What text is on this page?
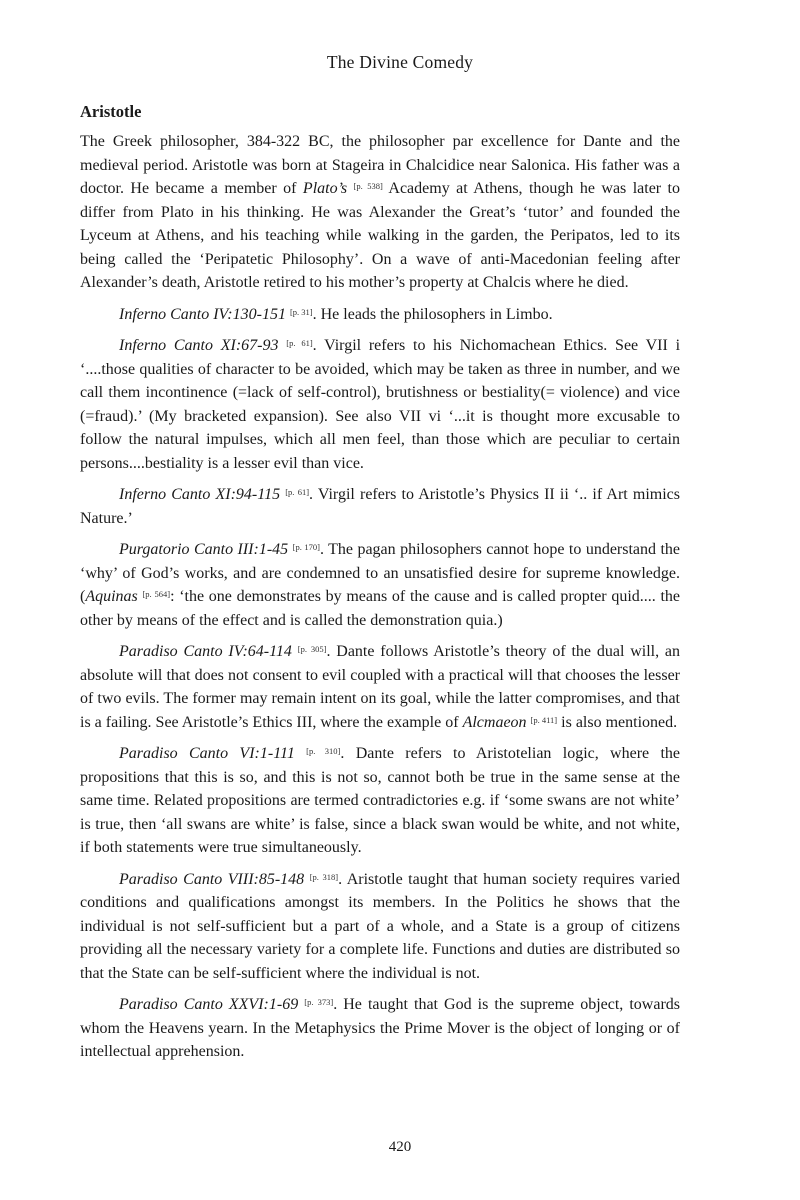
The Divine Comedy
Aristotle

The Greek philosopher, 384-322 BC, the philosopher par excellence for Dante and the medieval period. Aristotle was born at Stageira in Chalcidice near Salonica. His father was a doctor. He became a member of Plato’s [p. 538] Academy at Athens, though he was later to differ from Plato in his thinking. He was Alexander the Great’s ‘tutor’ and founded the Lyceum at Athens, and his teaching while walking in the garden, the Peripatos, led to its being called the ‘Peripatetic Philosophy’. On a wave of anti-Macedonian feeling after Alexander’s death, Aristotle retired to his mother’s property at Chalcis where he died.

Inferno Canto IV:130-151 [p. 31]. He leads the philosophers in Limbo.

Inferno Canto XI:67-93 [p. 61]. Virgil refers to his Nichomachean Ethics. See VII i ‘....those qualities of character to be avoided, which may be taken as three in number, and we call them incontinence (=lack of self-control), brutishness or bestiality(= violence) and vice (=fraud).’ (My bracketed expansion). See also VII vi ‘...it is thought more excusable to follow the natural impulses, which all men feel, than those which are peculiar to certain persons....bestiality is a lesser evil than vice.

Inferno Canto XI:94-115 [p. 61]. Virgil refers to Aristotle’s Physics II ii ‘.. if Art mimics Nature.’

Purgatorio Canto III:1-45 [p. 170]. The pagan philosophers cannot hope to understand the ‘why’ of God’s works, and are condemned to an unsatisfied desire for supreme knowledge. (Aquinas [p. 564]: ‘the one demonstrates by means of the cause and is called propter quid.... the other by means of the effect and is called the demonstration quia.)

Paradiso Canto IV:64-114 [p. 305]. Dante follows Aristotle’s theory of the dual will, an absolute will that does not consent to evil coupled with a practical will that chooses the lesser of two evils. The former may remain intent on its goal, while the latter compromises, and that is a failing. See Aristotle’s Ethics III, where the example of Alcmaeon [p. 411] is also mentioned.

Paradiso Canto VI:1-111 [p. 310]. Dante refers to Aristotelian logic, where the propositions that this is so, and this is not so, cannot both be true in the same sense at the same time. Related propositions are termed contradictories e.g. if ‘some swans are not white’ is true, then ‘all swans are white’ is false, since a black swan would be white, and not white, if both statements were true simultaneously.

Paradiso Canto VIII:85-148 [p. 318]. Aristotle taught that human society requires varied conditions and qualifications amongst its members. In the Politics he shows that the individual is not self-sufficient but a part of a whole, and a State is a group of citizens providing all the necessary variety for a complete life. Functions and duties are distributed so that the State can be self-sufficient where the individual is not.

Paradiso Canto XXVI:1-69 [p. 373]. He taught that God is the supreme object, towards whom the Heavens yearn. In the Metaphysics the Prime Mover is the object of longing or of intellectual apprehension.

420
